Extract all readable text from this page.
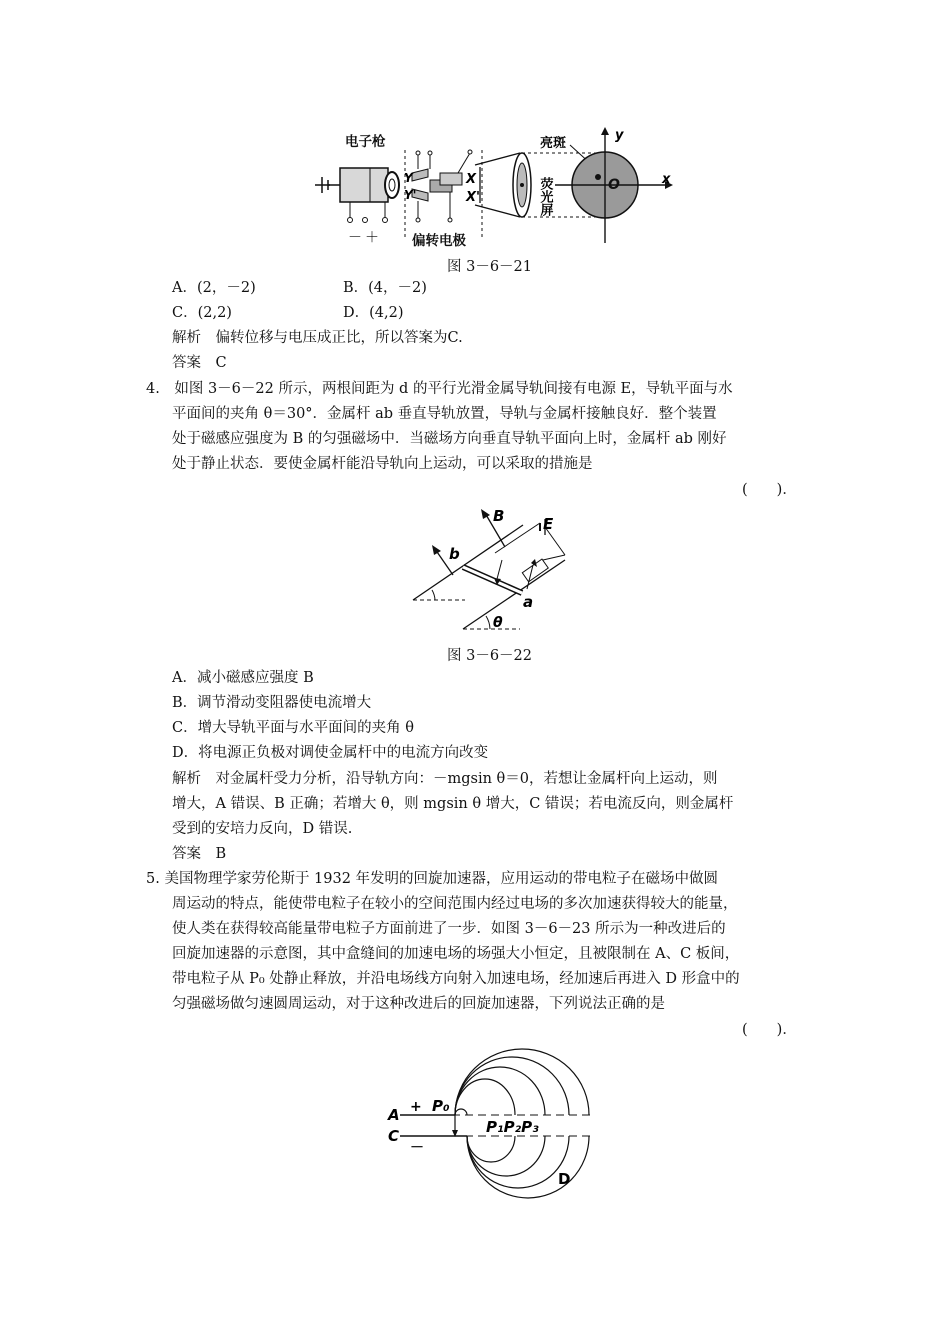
－ ＋
Y
Y'
X
X'	荧光屏
亮斑
O	x
y
电子枪
偏转电极
图 3－6－21
A．(2，－2)	B．(4，－2)
C．(2,2)	D．(4,2)
解析　偏转位移与电压成正比，所以答案为C.
答案　C
4.　如图 3－6－22 所示，两根间距为 d 的平行光滑金属导轨间接有电源 E，导轨平面与水
平面间的夹角 θ＝30°．金属杆 ab 垂直导轨放置，导轨与金属杆接触良好．整个装置
处于磁感应强度为 B 的匀强磁场中．当磁场方向垂直导轨平面向上时，金属杆 ab 刚好
处于静止状态．要使金属杆能沿导轨向上运动，可以采取的措施是
(　　)．
B	E
b
a
θ
图 3－6－22
A．减小磁感应强度 B
B．调节滑动变阻器使电流增大
C．增大导轨平面与水平面间的夹角 θ
D．将电源正负极对调使金属杆中的电流方向改变
解析　对金属杆受力分析，沿导轨方向：－mgsin θ＝0，若想让金属杆向上运动，则
增大，A 错误、B 正确；若增大 θ，则 mgsin θ 增大，C 错误；若电流反向，则金属杆
受到的安培力反向，D 错误.
答案　B
5. 美国物理学家劳伦斯于 1932 年发明的回旋加速器，应用运动的带电粒子在磁场中做圆
周运动的特点，能使带电粒子在较小的空间范围内经过电场的多次加速获得较大的能量，
使人类在获得较高能量带电粒子方面前进了一步．如图 3－6－23 所示为一种改进后的
回旋加速器的示意图，其中盒缝间的加速电场的场强大小恒定，且被限制在 A、C 板间，
带电粒子从 P₀ 处静止释放，并沿电场线方向射入加速电场，经加速后再进入 D 形盒中的
匀强磁场做匀速圆周运动，对于这种改进后的回旋加速器，下列说法正确的是
(　　)．
A
C
+
－
P₀
P₁P₂P₃
D
